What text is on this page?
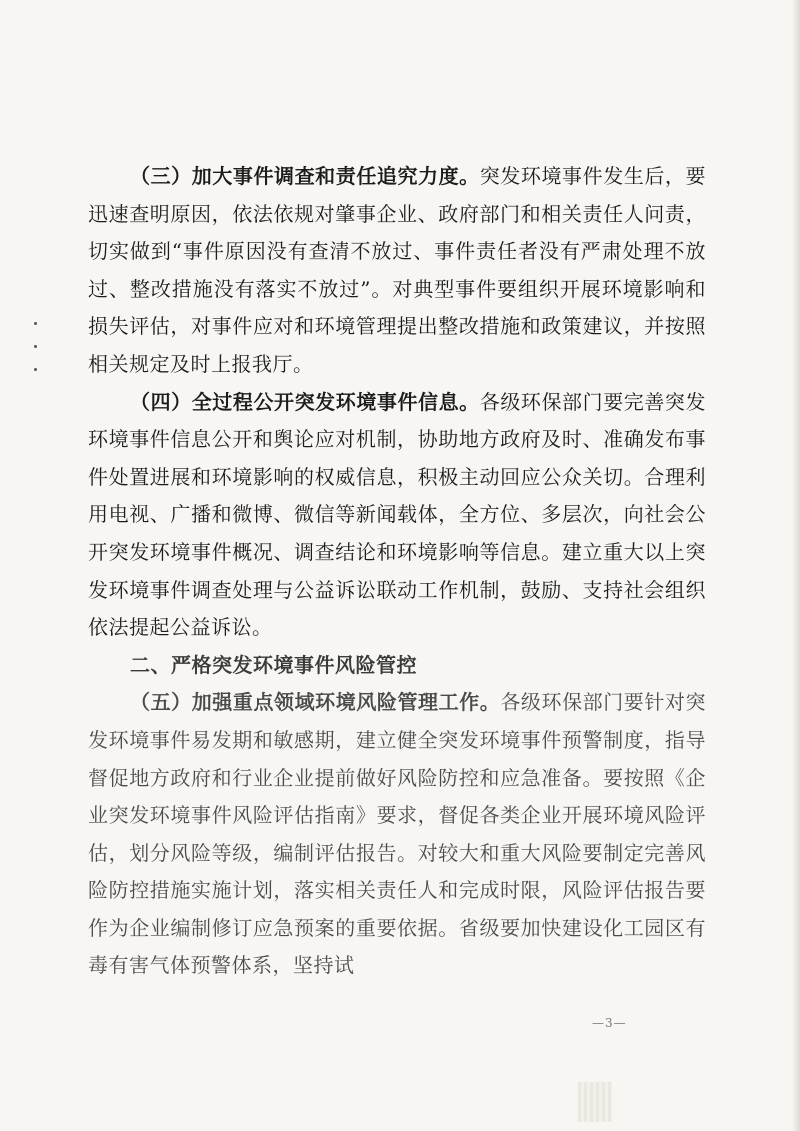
（三）加大事件调查和责任追究力度。突发环境事件发生后，要迅速查明原因，依法依规对肇事企业、政府部门和相关责任人问责，切实做到“事件原因没有查清不放过、事件责任者没有严肃处理不放过、整改措施没有落实不放过”。对典型事件要组织开展环境影响和损失评估，对事件应对和环境管理提出整改措施和政策建议，并按照相关规定及时上报我厅。

（四）全过程公开突发环境事件信息。各级环保部门要完善突发环境事件信息公开和舆论应对机制，协助地方政府及时、准确发布事件处置进展和环境影响的权威信息，积极主动回应公众关切。合理利用电视、广播和微博、微信等新闻载体，全方位、多层次，向社会公开突发环境事件概况、调查结论和环境影响等信息。建立重大以上突发环境事件调查处理与公益诉讼联动工作机制，鼓励、支持社会组织依法提起公益诉讼。

二、严格突发环境事件风险管控

（五）加强重点领域环境风险管理工作。各级环保部门要针对突发环境事件易发期和敏感期，建立健全突发环境事件预警制度，指导督促地方政府和行业企业提前做好风险防控和应急准备。要按照《企业突发环境事件风险评估指南》要求，督促各类企业开展环境风险评估，划分风险等级，编制评估报告。对较大和重大风险要制定完善风险防控措施实施计划，落实相关责任人和完成时限，风险评估报告要作为企业编制修订应急预案的重要依据。省级要加快建设化工园区有毒有害气体预警体系，坚持试

—3—
